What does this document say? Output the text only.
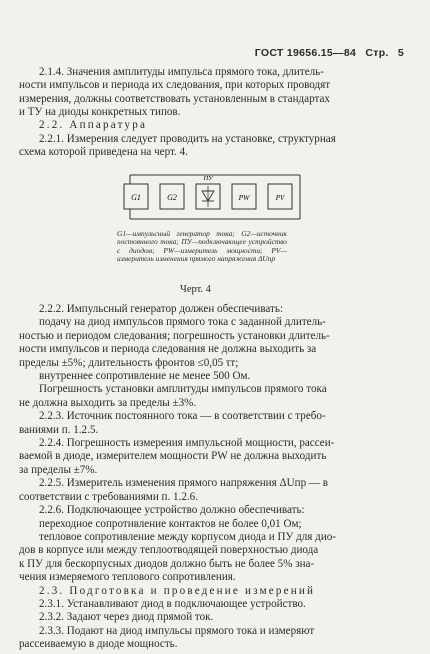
ГОСТ 19656.15—84 Стр. 5

2.1.4. Значения амплитуды импульса прямого тока, длитель-
ности импульсов и периода их следования, при которых проводят
измерения, должны соответствовать установленным в стандартах
и ТУ на диоды конкретных типов.

2.2. Аппаратура

2.2.1. Измерения следует проводить на установке, структурная
схема которой приведена на черт. 4.

G1	G2
ПУ
PW	PV
G1—импульсный генератор тока; G2—источник постоянного тока; ПУ—подключающее устройство с диодом; PW—измеритель мощности; PV—измеритель изменения прямого напряжения ΔUпр
Черт. 4
2.2.2. Импульсный генератор должен обеспечивать:
подачу на диод импульсов прямого тока с заданной длитель-
ностью и периодом следования; погрешность установки длитель-
ности импульсов и периода следования не должна выходить за
пределы ±5%; длительность фронтов ≤0,05 τт;
внутреннее сопротивление не менее 500 Ом.
Погрешность установки амплитуды импульсов прямого тока
не должна выходить за пределы ±3%.
2.2.3. Источник постоянного тока — в соответствии с требо-
ваниями п. 1.2.5.
2.2.4. Погрешность измерения импульсной мощности, рассеи-
ваемой в диоде, измерителем мощности PW не должна выходить
за пределы ±7%.
2.2.5. Измеритель изменения прямого напряжения ΔUпр — в
соответствии с требованиями п. 1.2.6.
2.2.6. Подключающее устройство должно обеспечивать:
переходное сопротивление контактов не более 0,01 Ом;
тепловое сопротивление между корпусом диода и ПУ для дио-
дов в корпусе или между теплоотводящей поверхностью диода
к ПУ для бескорпусных диодов должно быть не более 5% зна-
чения измеряемого теплового сопротивления.
2.3. Подготовка и проведение измерений
2.3.1. Устанавливают диод в подключающее устройство.
2.3.2. Задают через диод прямой ток.
2.3.3. Подают на диод импульсы прямого тока и измеряют
рассеиваемую в диоде мощность.
